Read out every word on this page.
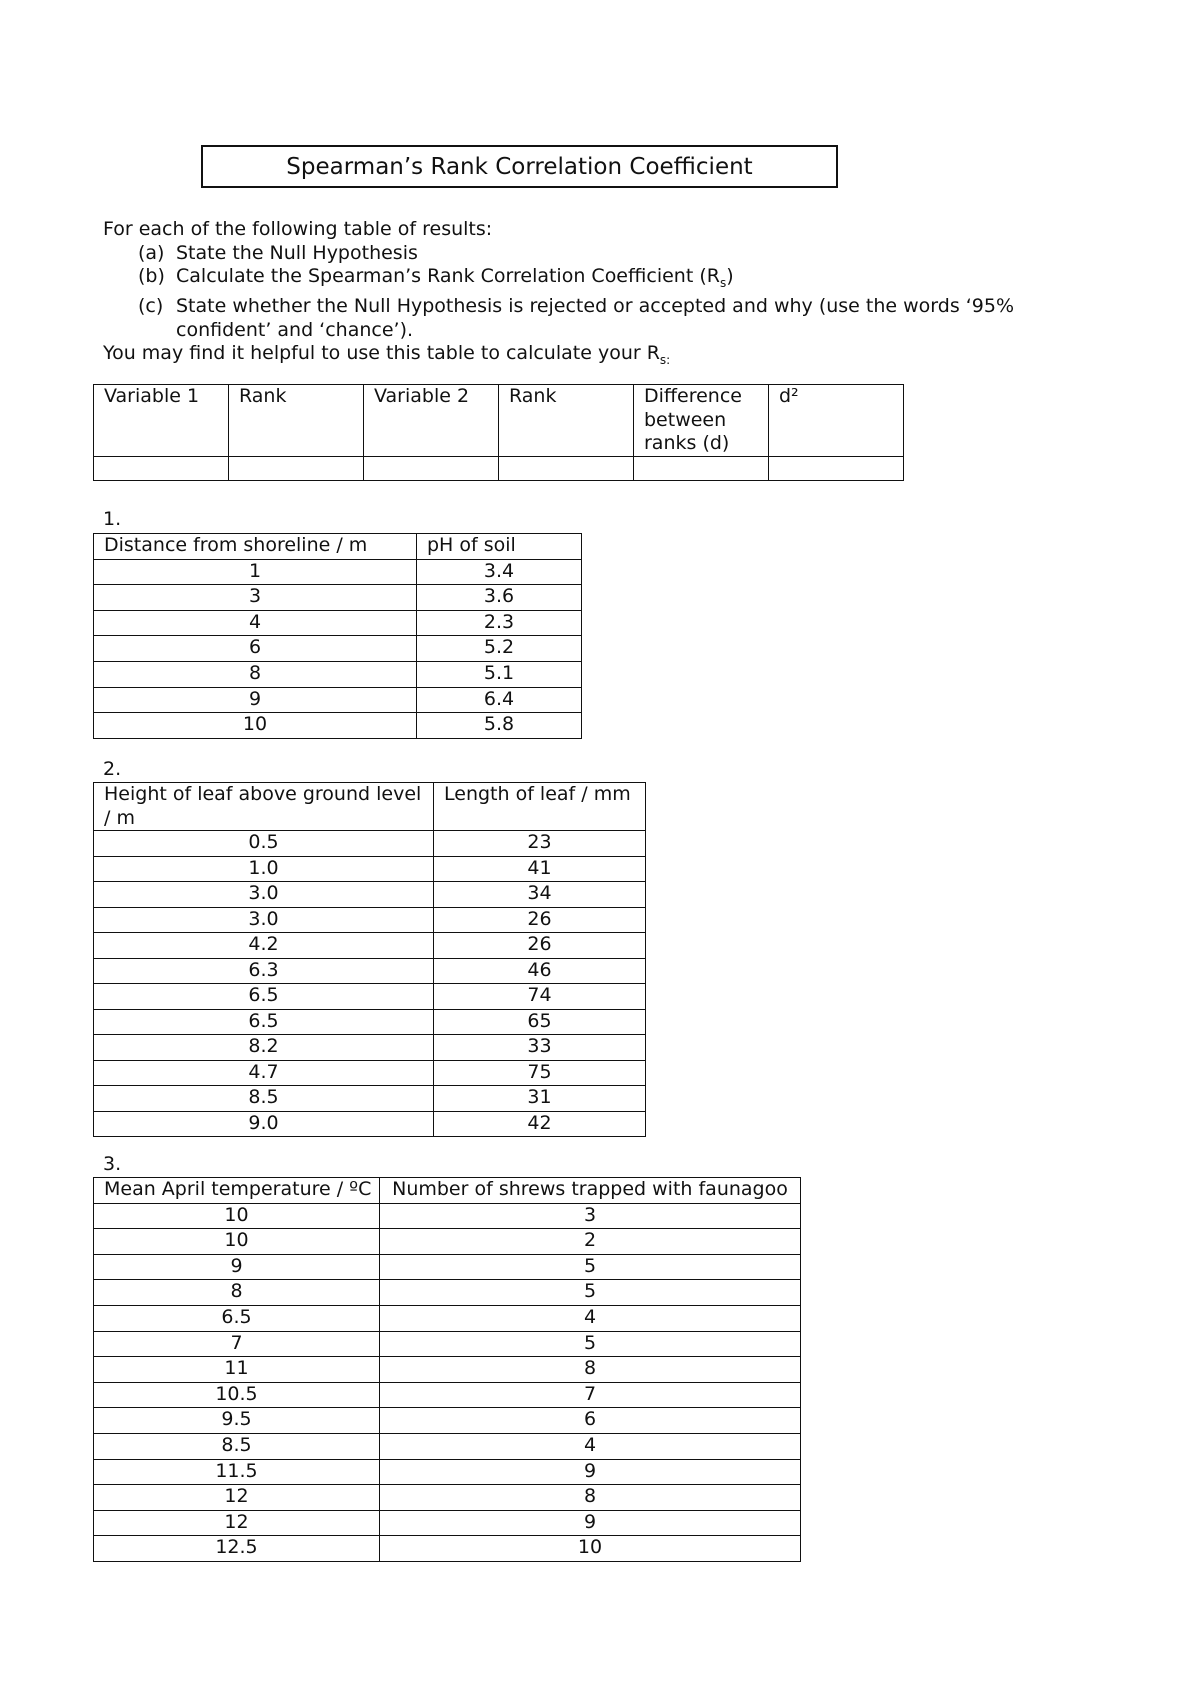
Spearman’s Rank Correlation Coefficient
For each of the following table of results:
(a) State the Null Hypothesis
(b) Calculate the Spearman’s Rank Correlation Coefficient $(R_s)$
(c) State whether the Null Hypothesis is rejected or accepted and why (use the words ‘95% confident’ and ‘chance’).
You may find it helpful to use this table to calculate your $R_{s:}$
Variable 1	Rank	Variable 2	Rank	Difference between ranks (d)	d²

1.
Distance from shoreline / m	pH of soil
1	3.4
3	3.6
4	2.3
6	5.2
8	5.1
9	6.4
10	5.8
2.
Height of leaf above ground level / m	Length of leaf / mm
0.5	23
1.0	41
3.0	34
3.0	26
4.2	26
6.3	46
6.5	74
6.5	65
8.2	33
4.7	75
8.5	31
9.0	42
3.
Mean April temperature / ºC	Number of shrews trapped with faunagoo
10	3
10	2
9	5
8	5
6.5	4
7	5
11	8
10.5	7
9.5	6
8.5	4
11.5	9
12	8
12	9
12.5	10
